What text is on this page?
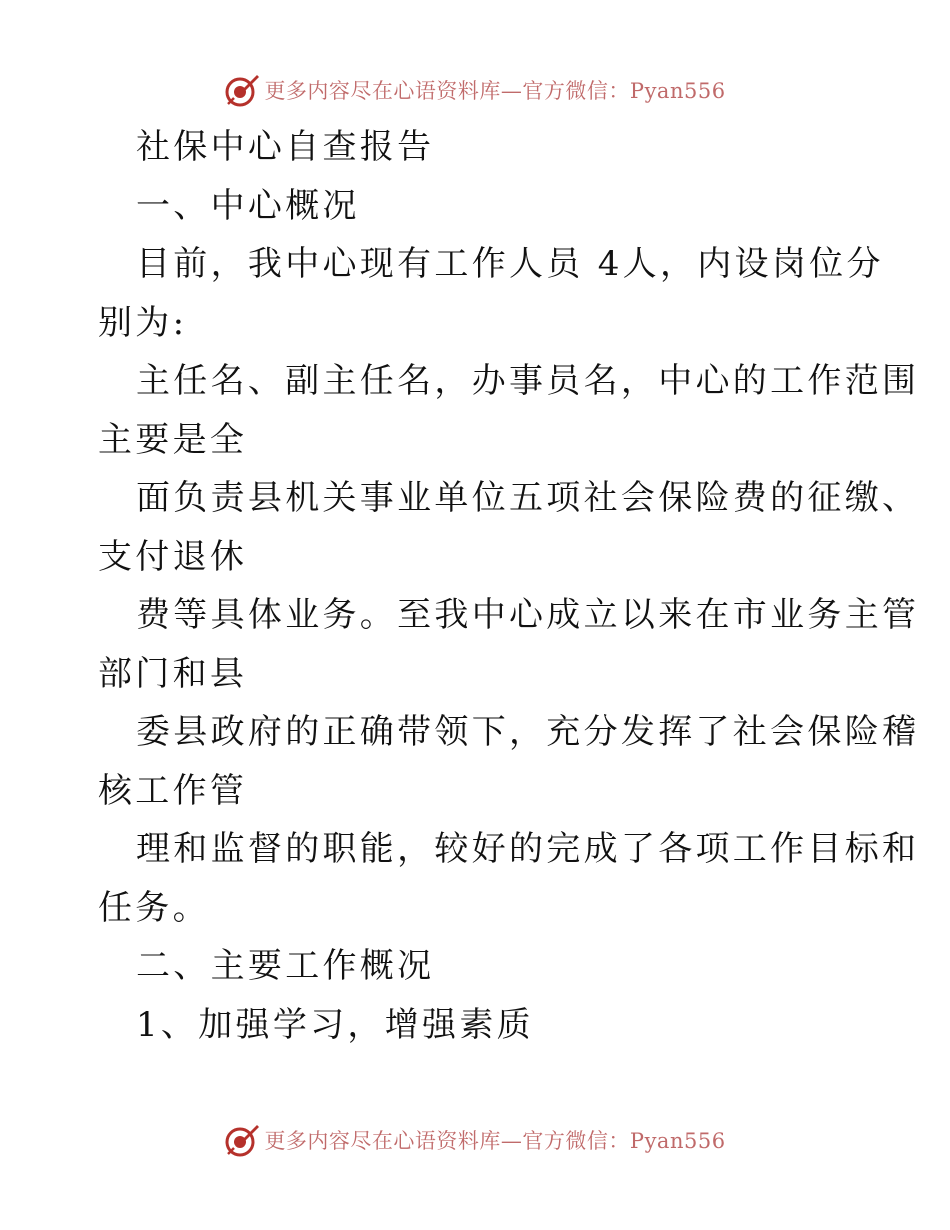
更多内容尽在心语资料库—官方微信：Pyan556
社保中心自查报告
一、中心概况
目前，我中心现有工作人员 4人，内设岗位分
别为:
主任名、副主任名，办事员名，中心的工作范围
主要是全
面负责县机关事业单位五项社会保险费的征缴、
支付退休
费等具体业务。至我中心成立以来在市业务主管
部门和县
委县政府的正确带领下，充分发挥了社会保险稽
核工作管
理和监督的职能，较好的完成了各项工作目标和
任务。
二、主要工作概况
1、加强学习，增强素质
更多内容尽在心语资料库—官方微信：Pyan556
